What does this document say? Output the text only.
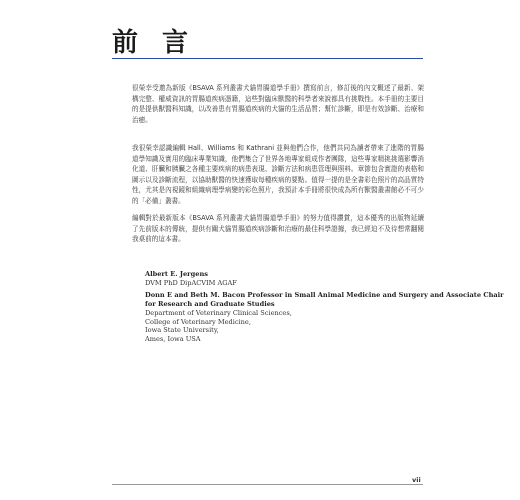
前 言

很榮幸受邀為新版《BSAVA 系列叢書犬貓胃腸道學手冊》撰寫前言，修訂後的內文概述了最新、架構完整、權威資訊的胃腸道疾病憑籍，這些對臨床獸醫的科學者來說都具有挑戰性。本手冊的主要目的是提供獸醫科知識，以改善患有胃腸道疾病的犬貓的生活品質；幫忙診斷，即是有效診斷、治療和治癒。

我很榮幸認識編輯 Hall、Williams 和 Kathrani 並與他們合作，他們共同為讀者帶來了進階的胃腸道學知識及實用的臨床專業知識，他們集合了世界各地專家組成作者團隊，這些專家精挑挑選影響消化道、肝臟和胰臟之各種主要疾病的病患表現、診斷方法和病患管理與照料。章節包含實證的表格和圖示以及診斷流程，以協助獸醫的快速獲取每種疾病的要點。值得一提的是全書彩色照片的高品質特性，尤其是內視鏡和組織病理學病變的彩色照片，我預計本手冊將很快成為所有獸醫叢書館必不可少的「必備」叢書。

編輯對於最新版本《BSAVA 系列叢書犬貓胃腸道學手冊》的努力值得讚賞，這本優秀的出版物延續了先前版本的傳統，提供有關犬貓胃腸道疾病診斷和治療的最佳科學證據，我已經迫不及待想常翻閱我桌前的這本書。

Albert E. Jergens
DVM PhD DipACVIM AGAF
Donn E and Beth M. Bacon Professor in Small Animal Medicine and Surgery and Associate Chair
for Research and Graduate Studies
Department of Veterinary Clinical Sciences,
College of Veterinary Medicine,
Iowa State University,
Ames, Iowa USA
vii
